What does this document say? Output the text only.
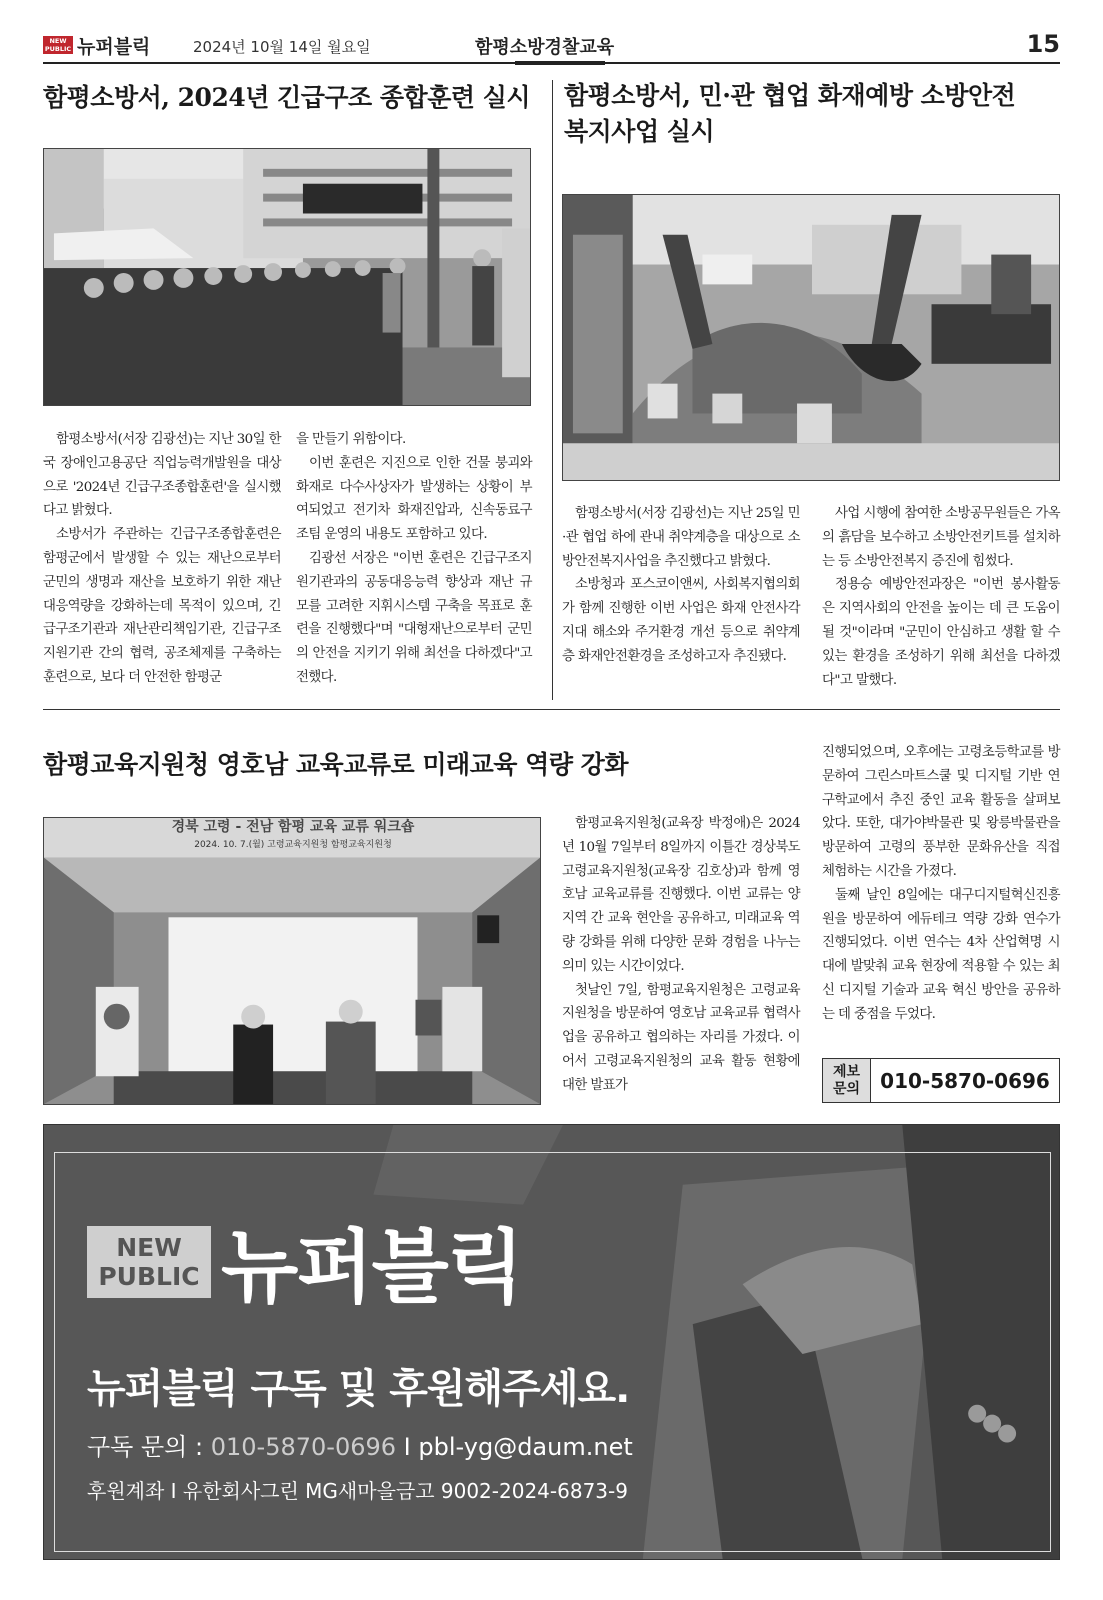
NEW PUBLIC 뉴퍼블릭	2024년 10월 14일 월요일	함평소방경찰교육	15
함평소방서, 2024년 긴급구조 종합훈련 실시

함평소방서(서장 김광선)는 지난 30일 한국 장애인고용공단 직업능력개발원을 대상으로 '2024년 긴급구조종합훈련'을 실시했다고 밝혔다.

소방서가 주관하는 긴급구조종합훈련은 함평군에서 발생할 수 있는 재난으로부터 군민의 생명과 재산을 보호하기 위한 재난대응역량을 강화하는데 목적이 있으며, 긴급구조기관과 재난관리책임기관, 긴급구조지원기관 간의 협력, 공조체제를 구축하는 훈련으로, 보다 더 안전한 함평군

을 만들기 위함이다.

이번 훈련은 지진으로 인한 건물 붕괴와 화재로 다수사상자가 발생하는 상황이 부여되었고 전기차 화재진압과, 신속동료구조팀 운영의 내용도 포함하고 있다.

김광선 서장은 "이번 훈련은 긴급구조지원기관과의 공동대응능력 향상과 재난 규모를 고려한 지휘시스템 구축을 목표로 훈련을 진행했다"며 "대형재난으로부터 군민의 안전을 지키기 위해 최선을 다하겠다"고 전했다.

함평소방서, 민·관 협업 화재예방 소방안전
복지사업 실시

함평소방서(서장 김광선)는 지난 25일 민·관 협업 하에 관내 취약계층을 대상으로 소방안전복지사업을 추진했다고 밝혔다.

소방청과 포스코이앤씨, 사회복지협의회가 함께 진행한 이번 사업은 화재 안전사각지대 해소와 주거환경 개선 등으로 취약계층 화재안전환경을 조성하고자 추진됐다.

사업 시행에 참여한 소방공무원들은 가옥의 흙담을 보수하고 소방안전키트를 설치하는 등 소방안전복지 증진에 힘썼다.

정용승 예방안전과장은 "이번 봉사활동은 지역사회의 안전을 높이는 데 큰 도움이 될 것"이라며 "군민이 안심하고 생활 할 수 있는 환경을 조성하기 위해 최선을 다하겠다"고 말했다.

함평교육지원청 영호남 교육교류로 미래교육 역량 강화
경북 고령 - 전남 함평 교육 교류 워크숍
2024. 10. 7.(월) 고령교육지원청 함평교육지원청

함평교육지원청(교육장 박정애)은 2024년 10월 7일부터 8일까지 이틀간 경상북도 고령교육지원청(교육장 김호상)과 함께 영호남 교육교류를 진행했다. 이번 교류는 양 지역 간 교육 현안을 공유하고, 미래교육 역량 강화를 위해 다양한 문화 경험을 나누는 의미 있는 시간이었다.

첫날인 7일, 함평교육지원청은 고령교육지원청을 방문하여 영호남 교육교류 협력사업을 공유하고 협의하는 자리를 가졌다. 이어서 고령교육지원청의 교육 활동 현황에 대한 발표가

진행되었으며, 오후에는 고령초등학교를 방문하여 그린스마트스쿨 및 디지털 기반 연구학교에서 추진 중인 교육 활동을 살펴보았다. 또한, 대가야박물관 및 왕릉박물관을 방문하여 고령의 풍부한 문화유산을 직접 체험하는 시간을 가졌다.

둘째 날인 8일에는 대구디지털혁신진흥원을 방문하여 에듀테크 역량 강화 연수가 진행되었다. 이번 연수는 4차 산업혁명 시대에 발맞춰 교육 현장에 적용할 수 있는 최신 디지털 기술과 교육 혁신 방안을 공유하는 데 중점을 두었다.

제보
문의	010-5870-0696
NEW
PUBLIC 뉴퍼블릭
뉴퍼블릭 구독 및 후원해주세요.
구독 문의 : 010-5870-0696 I pbl-yg@daum.net
후원계좌 I 유한회사그린 MG새마을금고 9002-2024-6873-9
